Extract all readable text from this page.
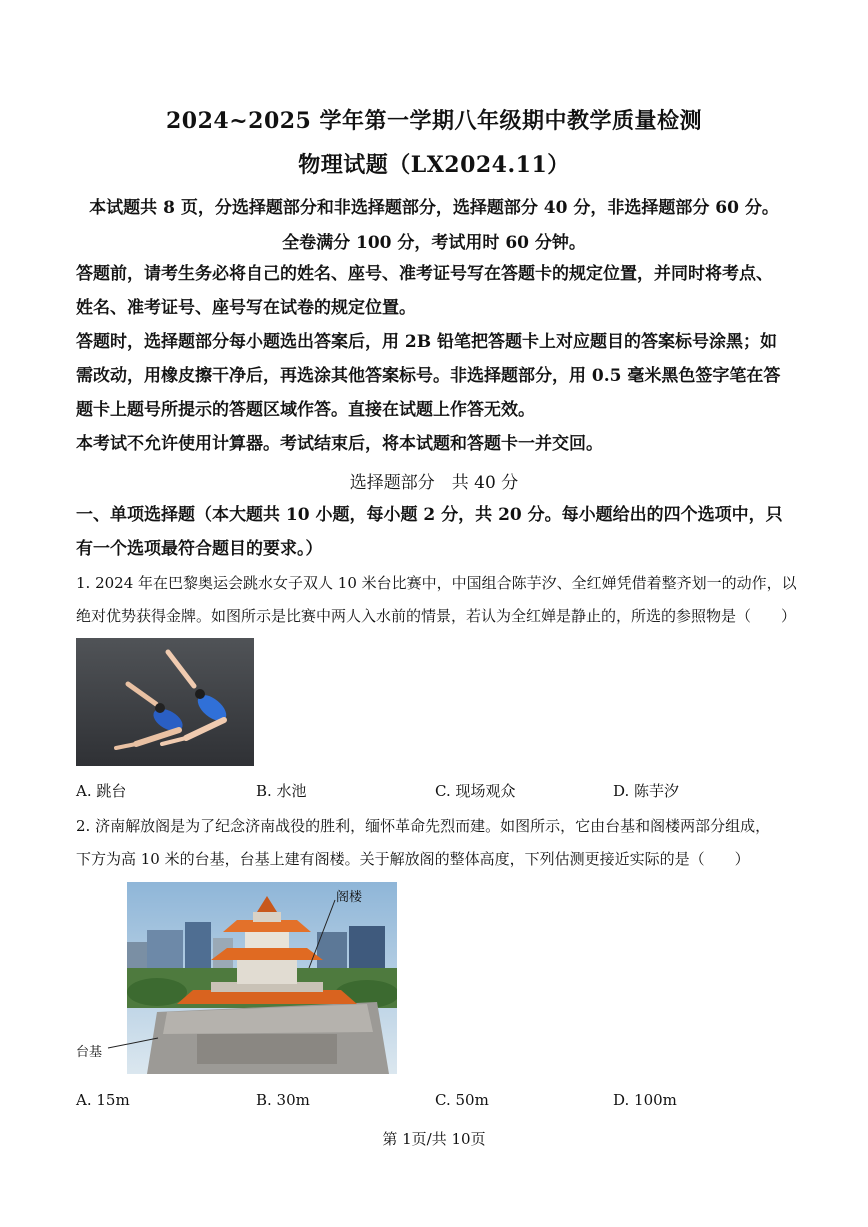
2024~2025 学年第一学期八年级期中教学质量检测
物理试题（LX2024.11）
本试题共 8 页，分选择题部分和非选择题部分，选择题部分 40 分，非选择题部分 60 分。
全卷满分 100 分，考试用时 60 分钟。
答题前，请考生务必将自己的姓名、座号、准考证号写在答题卡的规定位置，并同时将考点、
姓名、准考证号、座号写在试卷的规定位置。
答题时，选择题部分每小题选出答案后，用 2B 铅笔把答题卡上对应题目的答案标号涂黑；如
需改动，用橡皮擦干净后，再选涂其他答案标号。非选择题部分，用 0.5 毫米黑色签字笔在答
题卡上题号所提示的答题区域作答。直接在试题上作答无效。
本考试不允许使用计算器。考试结束后，将本试题和答题卡一并交回。
选择题部分　共 40 分
一、单项选择题（本大题共 10 小题，每小题 2 分，共 20 分。每小题给出的四个选项中，只
有一个选项最符合题目的要求。）
1. 2024 年在巴黎奥运会跳水女子双人 10 米台比赛中，中国组合陈芋汐、全红婵凭借着整齐划一的动作，以
绝对优势获得金牌。如图所示是比赛中两人入水前的情景，若认为全红婵是静止的，所选的参照物是（　　）
A. 跳台	B. 水池	C. 现场观众	D. 陈芋汐
2. 济南解放阁是为了纪念济南战役的胜利，缅怀革命先烈而建。如图所示，它由台基和阁楼两部分组成，
下方为高 10 米的台基，台基上建有阁楼。关于解放阁的整体高度，下列估测更接近实际的是（　　）
阁楼
台基
A. 15m	B. 30m	C. 50m	D. 100m
第 1页/共 10页
